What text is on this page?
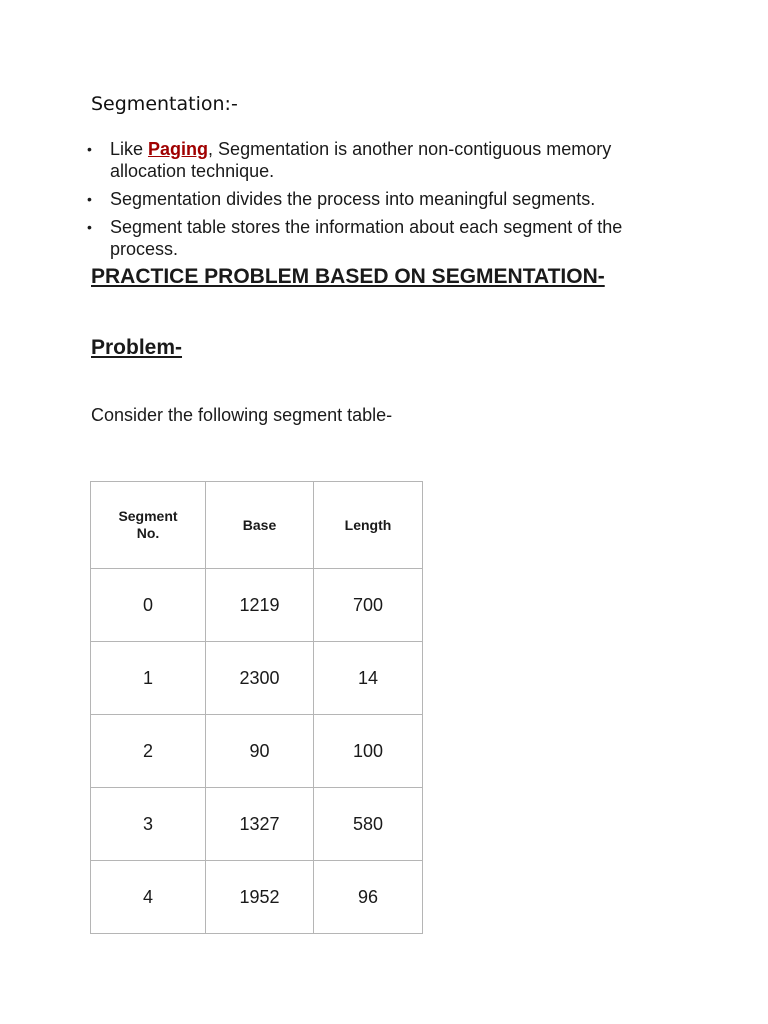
Segmentation:-
• Like Paging, Segmentation is another non-contiguous memory allocation technique.
• Segmentation divides the process into meaningful segments.
• Segment table stores the information about each segment of the process.
PRACTICE PROBLEM BASED ON SEGMENTATION-
Problem-

Consider the following segment table-

Segment No.	Base	Length
0	1219	700
1	2300	14
2	90	100
3	1327	580
4	1952	96
